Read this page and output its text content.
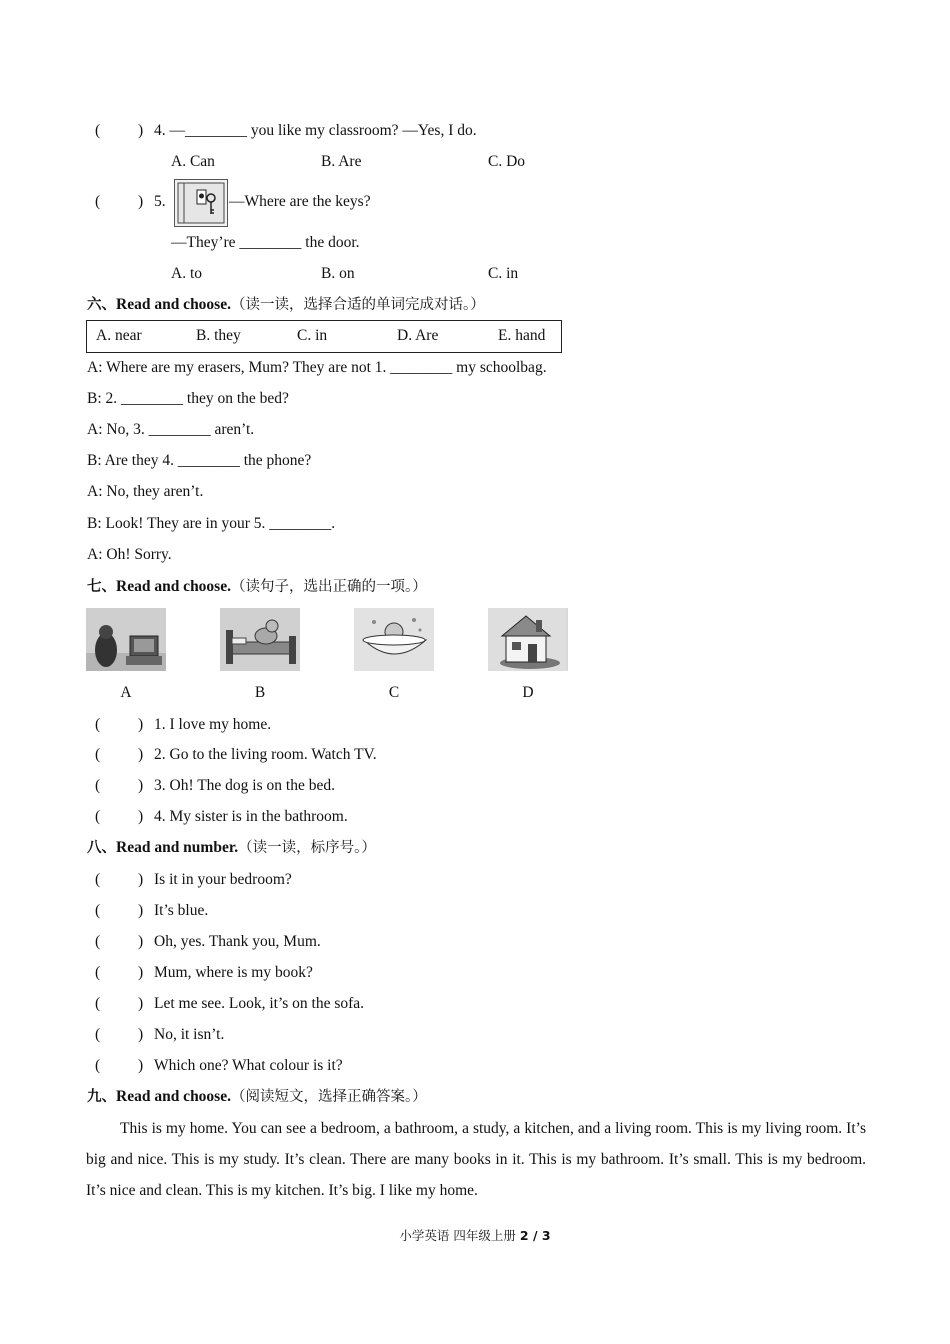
( ) 4. —________ you like my classroom? —Yes, I do.
A. Can	B. Are	C. Do
( ) 5.	—Where are the keys?
—They’re ________ the door.
A. to	B. on	C. in
六、Read and choose.（读一读，选择合适的单词完成对话。）
A. near	B. they	C. in	D. Are	E. hand
A: Where are my erasers, Mum? They are not 1. ________ my schoolbag.
B: 2. ________ they on the bed?
A: No, 3. ________ aren’t.
B: Are they 4. ________ the phone?
A: No, they aren’t.
B: Look! They are in your 5. ________.
A: Oh! Sorry.
七、Read and choose.（读句子，选出正确的一项。）
A	B	C	D
( ) 1. I love my home.
( ) 2. Go to the living room. Watch TV.
( ) 3. Oh! The dog is on the bed.
( ) 4. My sister is in the bathroom.
八、Read and number.（读一读，标序号。）
( ) Is it in your bedroom?
( ) It’s blue.
( ) Oh, yes. Thank you, Mum.
( ) Mum, where is my book?
( ) Let me see. Look, it’s on the sofa.
( ) No, it isn’t.
( ) Which one? What colour is it?
九、Read and choose.（阅读短文，选择正确答案。）
This is my home. You can see a bedroom, a bathroom, a study, a kitchen, and a living room. This is my living room. It’s big and nice. This is my study. It’s clean. There are many books in it. This is my bathroom. It’s small. This is my bedroom. It’s nice and clean. This is my kitchen. It’s big. I like my home.
小学英语 四年级上册 2 / 3
